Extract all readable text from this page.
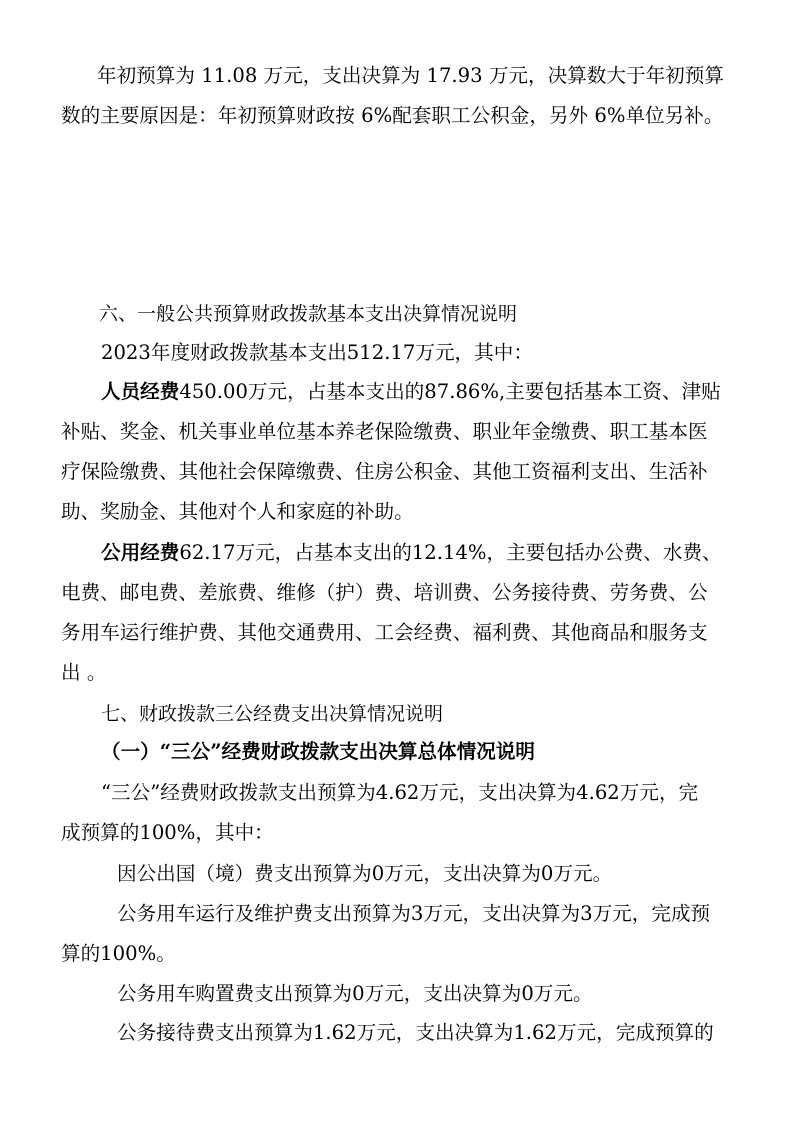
年初预算为 11.08 万元，支出决算为 17.93 万元，决算数大于年初预算
数的主要原因是：年初预算财政按 6%配套职工公积金，另外 6%单位另补。
六、一般公共预算财政拨款基本支出决算情况说明
2023年度财政拨款基本支出512.17万元，其中：
人员经费450.00万元，占基本支出的87.86%,主要包括基本工资、津贴
补贴、奖金、机关事业单位基本养老保险缴费、职业年金缴费、职工基本医
疗保险缴费、其他社会保障缴费、住房公积金、其他工资福利支出、生活补
助、奖励金、其他对个人和家庭的补助。
公用经费62.17万元，占基本支出的12.14%，主要包括办公费、水费、
电费、邮电费、差旅费、维修（护）费、培训费、公务接待费、劳务费、公
务用车运行维护费、其他交通费用、工会经费、福利费、其他商品和服务支
出 。
七、财政拨款三公经费支出决算情况说明
（一）“三公”经费财政拨款支出决算总体情况说明
“三公”经费财政拨款支出预算为4.62万元，支出决算为4.62万元，完
成预算的100%，其中：
因公出国（境）费支出预算为0万元，支出决算为0万元。
公务用车运行及维护费支出预算为3万元，支出决算为3万元，完成预
算的100%。
公务用车购置费支出预算为0万元，支出决算为0万元。
公务接待费支出预算为1.62万元，支出决算为1.62万元，完成预算的
